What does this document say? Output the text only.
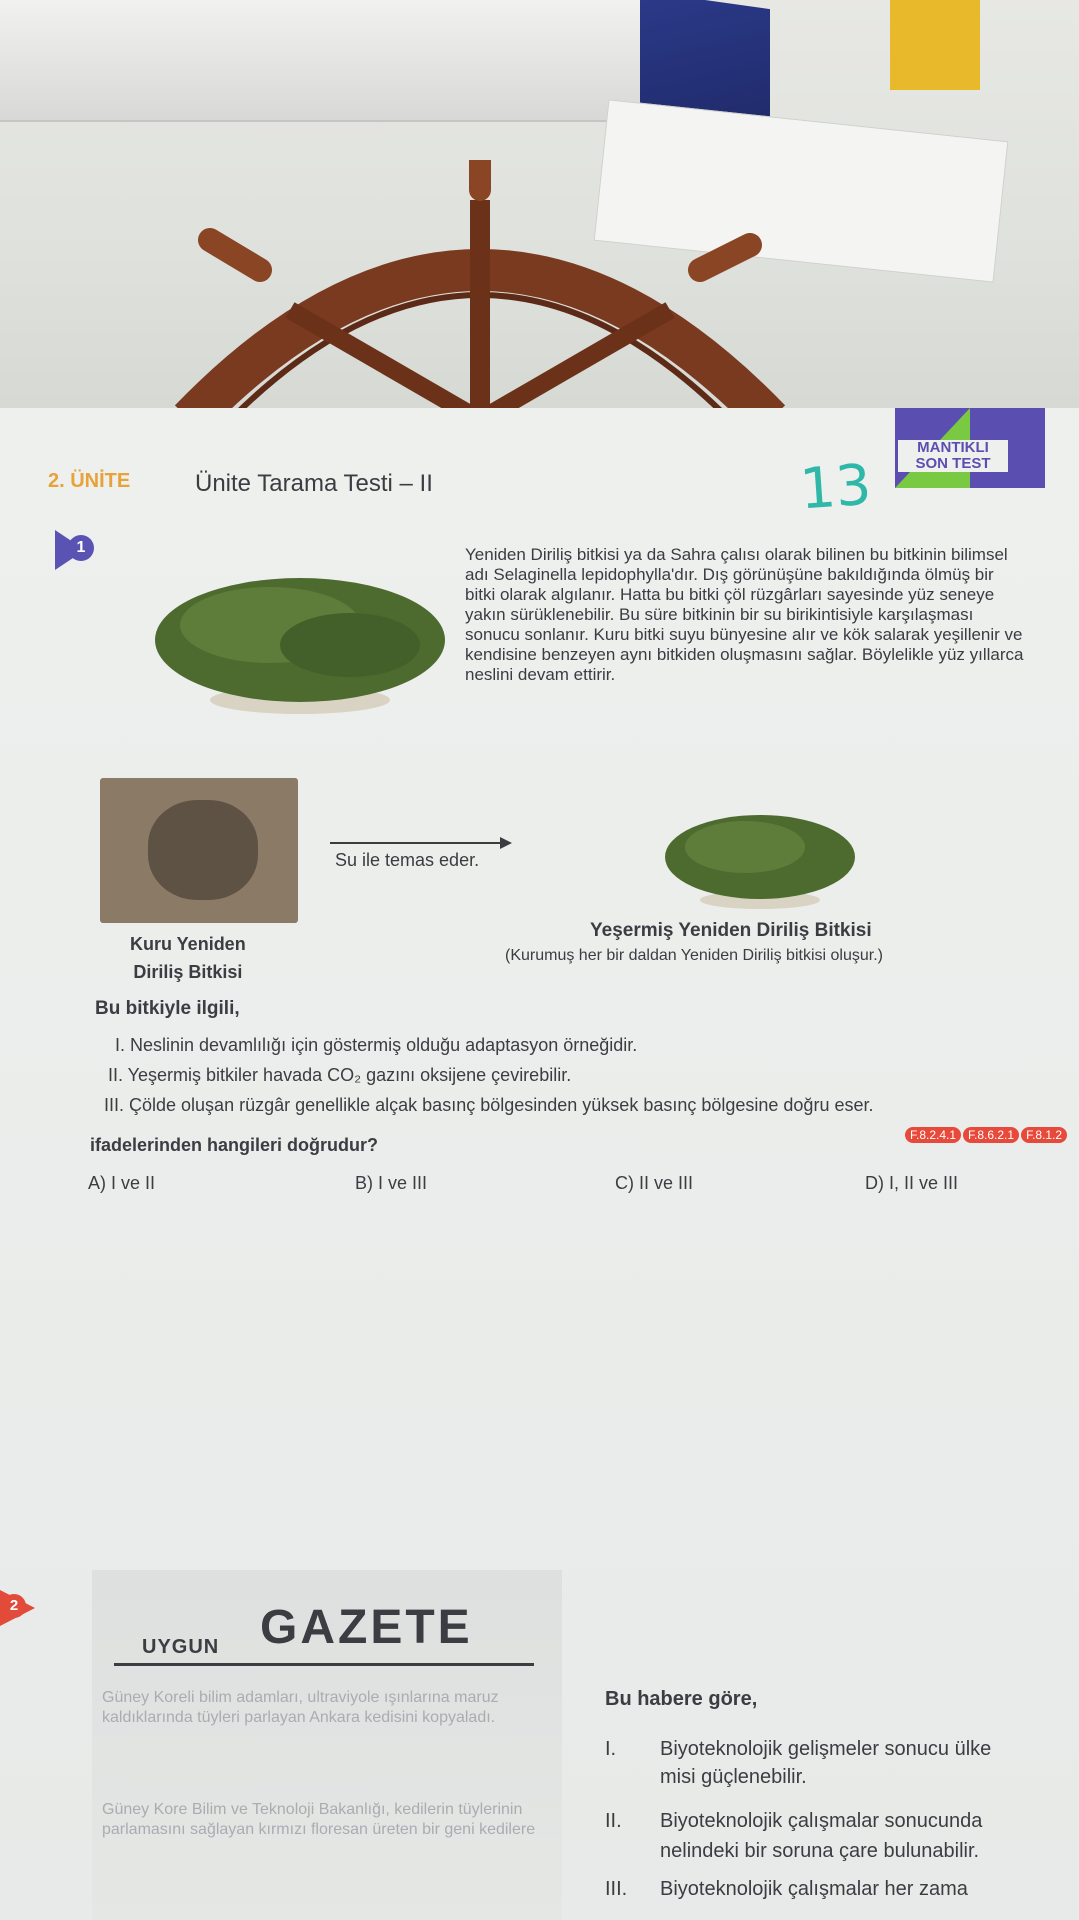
2. ÜNİTE	Ünite Tarama Testi – II	13
MANTIKLI
SON TEST
1	Yeniden Diriliş bitkisi ya da Sahra çalısı olarak bilinen bu bitkinin bilimsel adı Selaginella lepidophylla'dır. Dış görünüşüne bakıldığında ölmüş bir bitki olarak algılanır. Hatta bu bitki çöl rüzgârları sayesinde yüz seneye yakın sürüklenebilir. Bu süre bitkinin bir su birikintisiyle karşılaşması sonucu sonlanır. Kuru bitki suyu bünyesine alır ve kök salarak yeşillenir ve kendisine benzeyen aynı bitkiden oluşmasını sağlar. Böylelikle yüz yıllarca neslini devam ettirir.
Su ile temas eder.
Kuru Yeniden
Diriliş Bitkisi
Yeşermiş Yeniden Diriliş Bitkisi
(Kurumuş her bir daldan Yeniden Diriliş bitkisi oluşur.)
Bu bitkiyle ilgili,
I. Neslinin devamlılığı için göstermiş olduğu adaptasyon örneğidir.
II. Yeşermiş bitkiler havada CO₂ gazını oksijene çevirebilir.
III. Çölde oluşan rüzgâr genellikle alçak basınç bölgesinden yüksek basınç bölgesine doğru eser.
ifadelerinden hangileri doğrudur?	F.8.2.4.1 F.8.6.2.1 F.8.1.2
A) I ve II	B) I ve III	C) II ve III	D) I, II ve III
2
UYGUN GAZETE
Güney Koreli bilim adamları, ultraviyole ışınlarına maruz kaldıklarında tüyleri parlayan Ankara kedisini kopyaladı.
Güney Kore Bilim ve Teknoloji Bakanlığı, kedilerin tüylerinin parlamasını sağlayan kırmızı floresan üreten bir geni kedilere
Bu habere göre,
I. Biyoteknolojik gelişmeler sonucu ülke
misi güçlenebilir.
II. Biyoteknolojik çalışmalar sonucunda
nelindeki bir soruna çare bulunabilir.
III. Biyoteknolojik çalışmalar her zama
